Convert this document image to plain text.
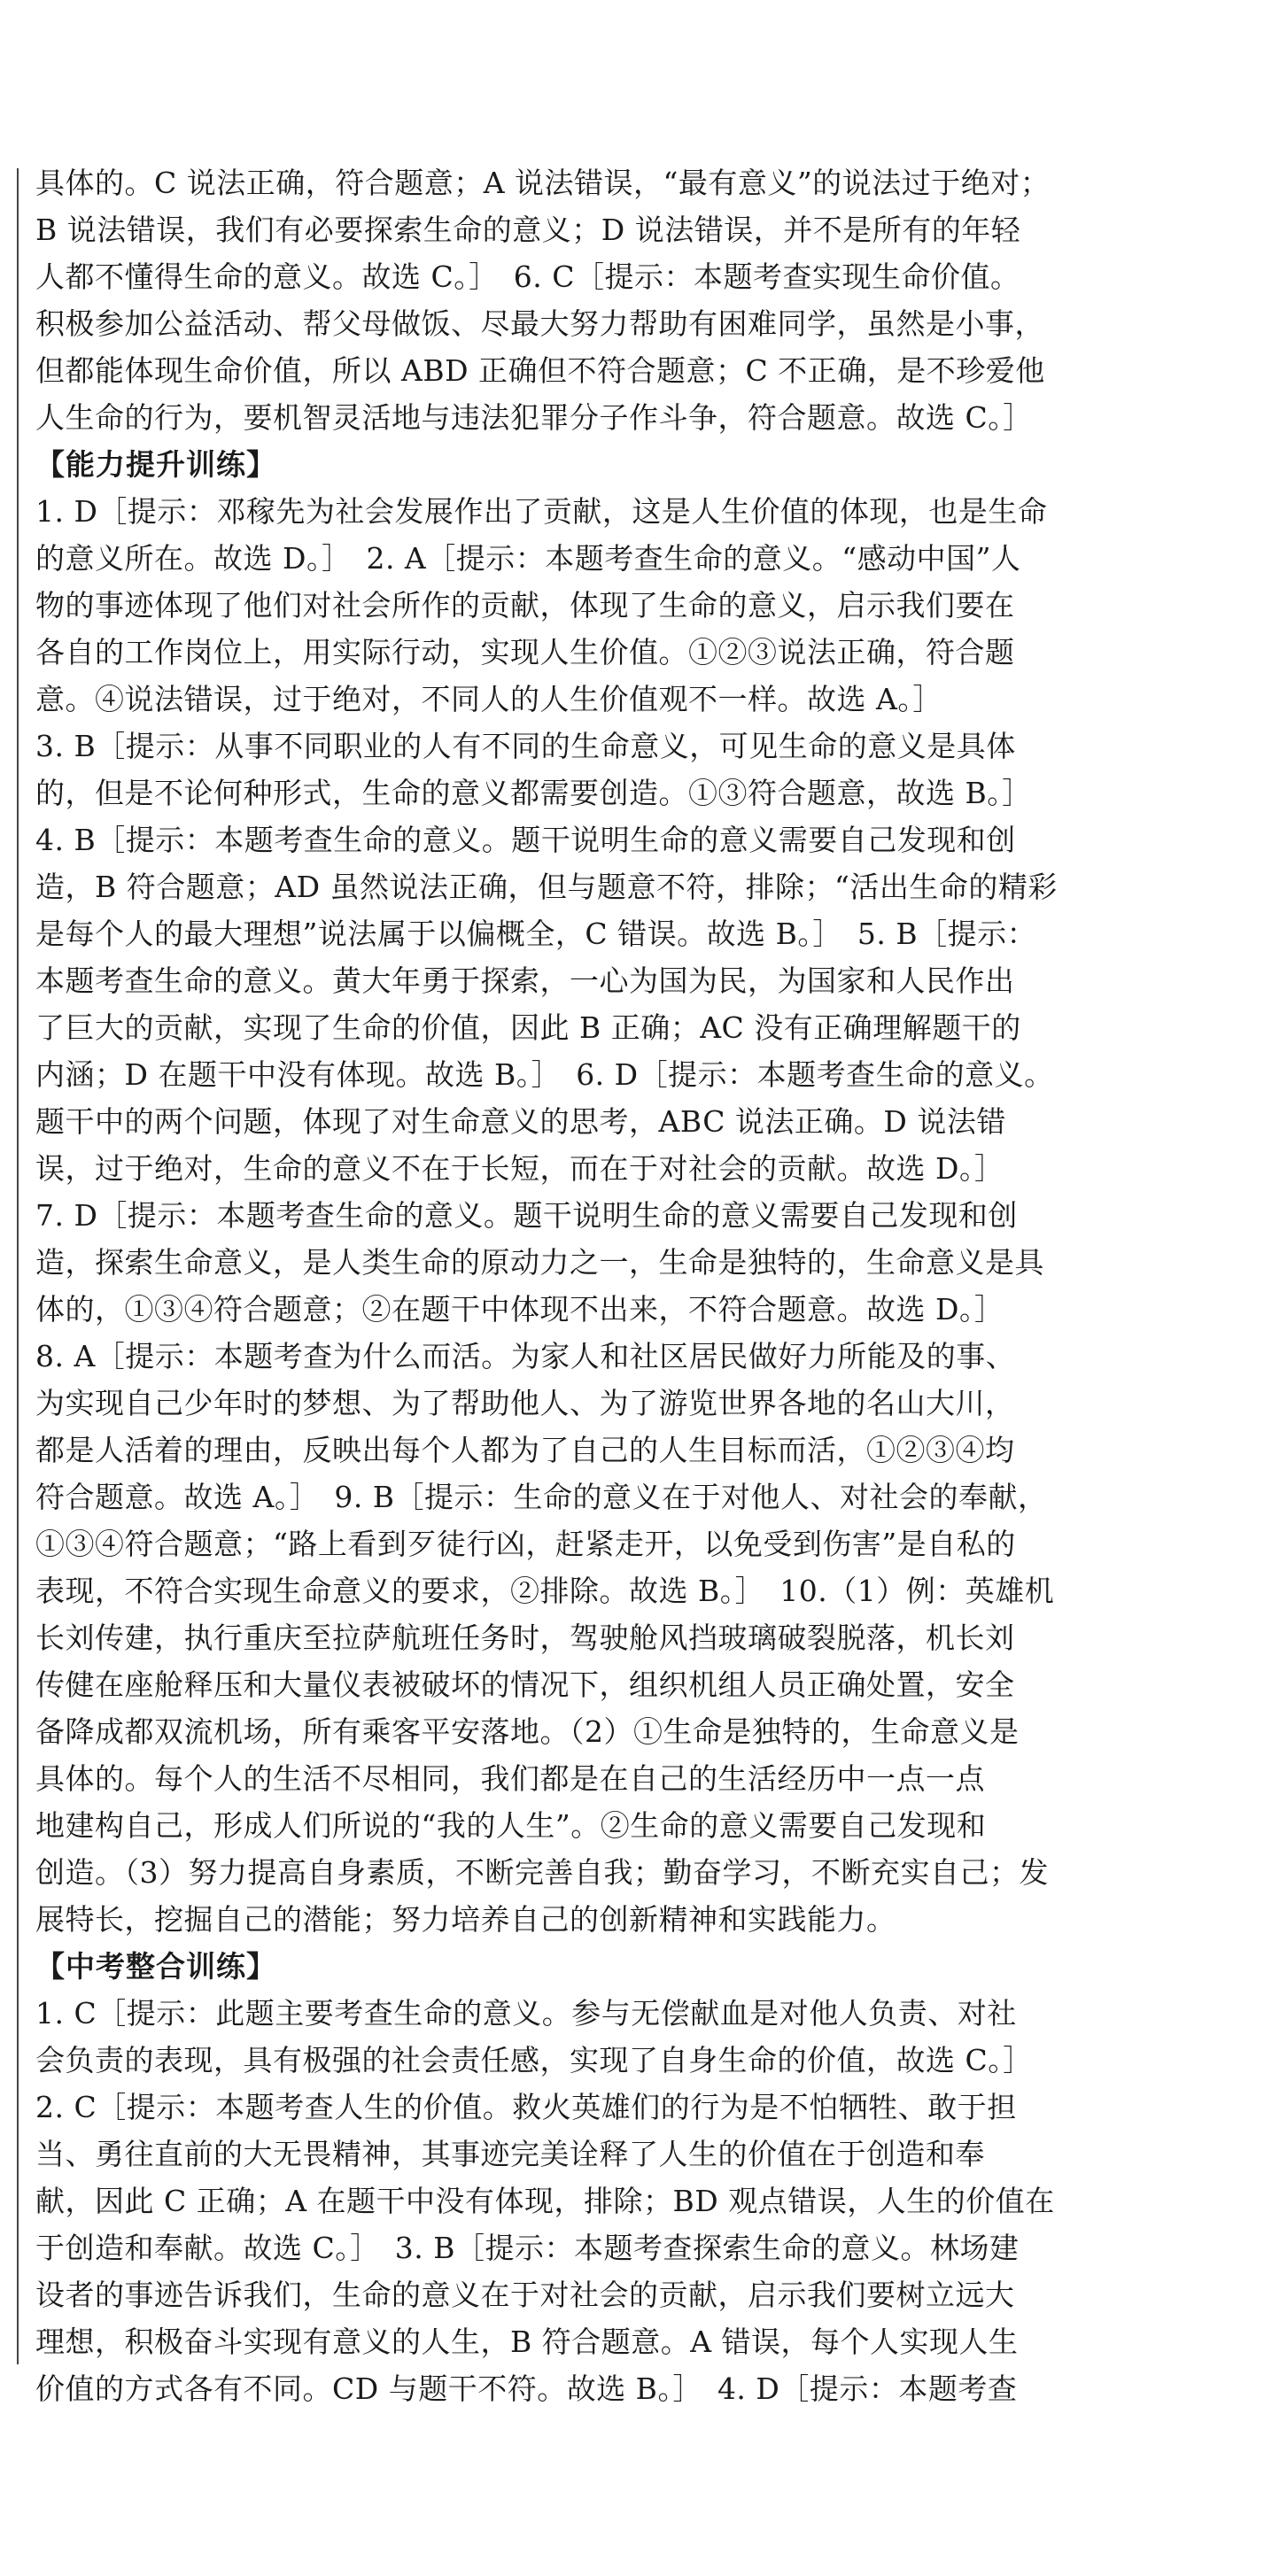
具体的。C 说法正确，符合题意；A 说法错误，“最有意义”的说法过于绝对；
B 说法错误，我们有必要探索生命的意义；D 说法错误，并不是所有的年轻
人都不懂得生命的意义。故选 C。］　6. C［提示：本题考查实现生命价值。
积极参加公益活动、帮父母做饭、尽最大努力帮助有困难同学，虽然是小事，
但都能体现生命价值，所以 ABD 正确但不符合题意；C 不正确，是不珍爱他
人生命的行为，要机智灵活地与违法犯罪分子作斗争，符合题意。故选 C。］
【能力提升训练】
1. D［提示：邓稼先为社会发展作出了贡献，这是人生价值的体现，也是生命
的意义所在。故选 D。］　2. A［提示：本题考查生命的意义。“感动中国”人
物的事迹体现了他们对社会所作的贡献，体现了生命的意义，启示我们要在
各自的工作岗位上，用实际行动，实现人生价值。①②③说法正确，符合题
意。④说法错误，过于绝对，不同人的人生价值观不一样。故选 A。］
3. B［提示：从事不同职业的人有不同的生命意义，可见生命的意义是具体
的，但是不论何种形式，生命的意义都需要创造。①③符合题意，故选 B。］
4. B［提示：本题考查生命的意义。题干说明生命的意义需要自己发现和创
造，B 符合题意；AD 虽然说法正确，但与题意不符，排除；“活出生命的精彩
是每个人的最大理想”说法属于以偏概全，C 错误。故选 B。］　5. B［提示：
本题考查生命的意义。黄大年勇于探索，一心为国为民，为国家和人民作出
了巨大的贡献，实现了生命的价值，因此 B 正确；AC 没有正确理解题干的
内涵；D 在题干中没有体现。故选 B。］　6. D［提示：本题考查生命的意义。
题干中的两个问题，体现了对生命意义的思考，ABC 说法正确。D 说法错
误，过于绝对，生命的意义不在于长短，而在于对社会的贡献。故选 D。］
7. D［提示：本题考查生命的意义。题干说明生命的意义需要自己发现和创
造，探索生命意义，是人类生命的原动力之一，生命是独特的，生命意义是具
体的，①③④符合题意；②在题干中体现不出来，不符合题意。故选 D。］
8. A［提示：本题考查为什么而活。为家人和社区居民做好力所能及的事、
为实现自己少年时的梦想、为了帮助他人、为了游览世界各地的名山大川，
都是人活着的理由，反映出每个人都为了自己的人生目标而活，①②③④均
符合题意。故选 A。］　9. B［提示：生命的意义在于对他人、对社会的奉献，
①③④符合题意；“路上看到歹徒行凶，赶紧走开，以免受到伤害”是自私的
表现，不符合实现生命意义的要求，②排除。故选 B。］　10.（1）例：英雄机
长刘传建，执行重庆至拉萨航班任务时，驾驶舱风挡玻璃破裂脱落，机长刘
传健在座舱释压和大量仪表被破坏的情况下，组织机组人员正确处置，安全
备降成都双流机场，所有乘客平安落地。（2）①生命是独特的，生命意义是
具体的。每个人的生活不尽相同，我们都是在自己的生活经历中一点一点
地建构自己，形成人们所说的“我的人生”。②生命的意义需要自己发现和
创造。（3）努力提高自身素质，不断完善自我；勤奋学习，不断充实自己；发
展特长，挖掘自己的潜能；努力培养自己的创新精神和实践能力。
【中考整合训练】
1. C［提示：此题主要考查生命的意义。参与无偿献血是对他人负责、对社
会负责的表现，具有极强的社会责任感，实现了自身生命的价值，故选 C。］
2. C［提示：本题考查人生的价值。救火英雄们的行为是不怕牺牲、敢于担
当、勇往直前的大无畏精神，其事迹完美诠释了人生的价值在于创造和奉
献，因此 C 正确；A 在题干中没有体现，排除；BD 观点错误，人生的价值在
于创造和奉献。故选 C。］　3. B［提示：本题考查探索生命的意义。林场建
设者的事迹告诉我们，生命的意义在于对社会的贡献，启示我们要树立远大
理想，积极奋斗实现有意义的人生，B 符合题意。A 错误，每个人实现人生
价值的方式各有不同。CD 与题干不符。故选 B。］　4. D［提示：本题考查
